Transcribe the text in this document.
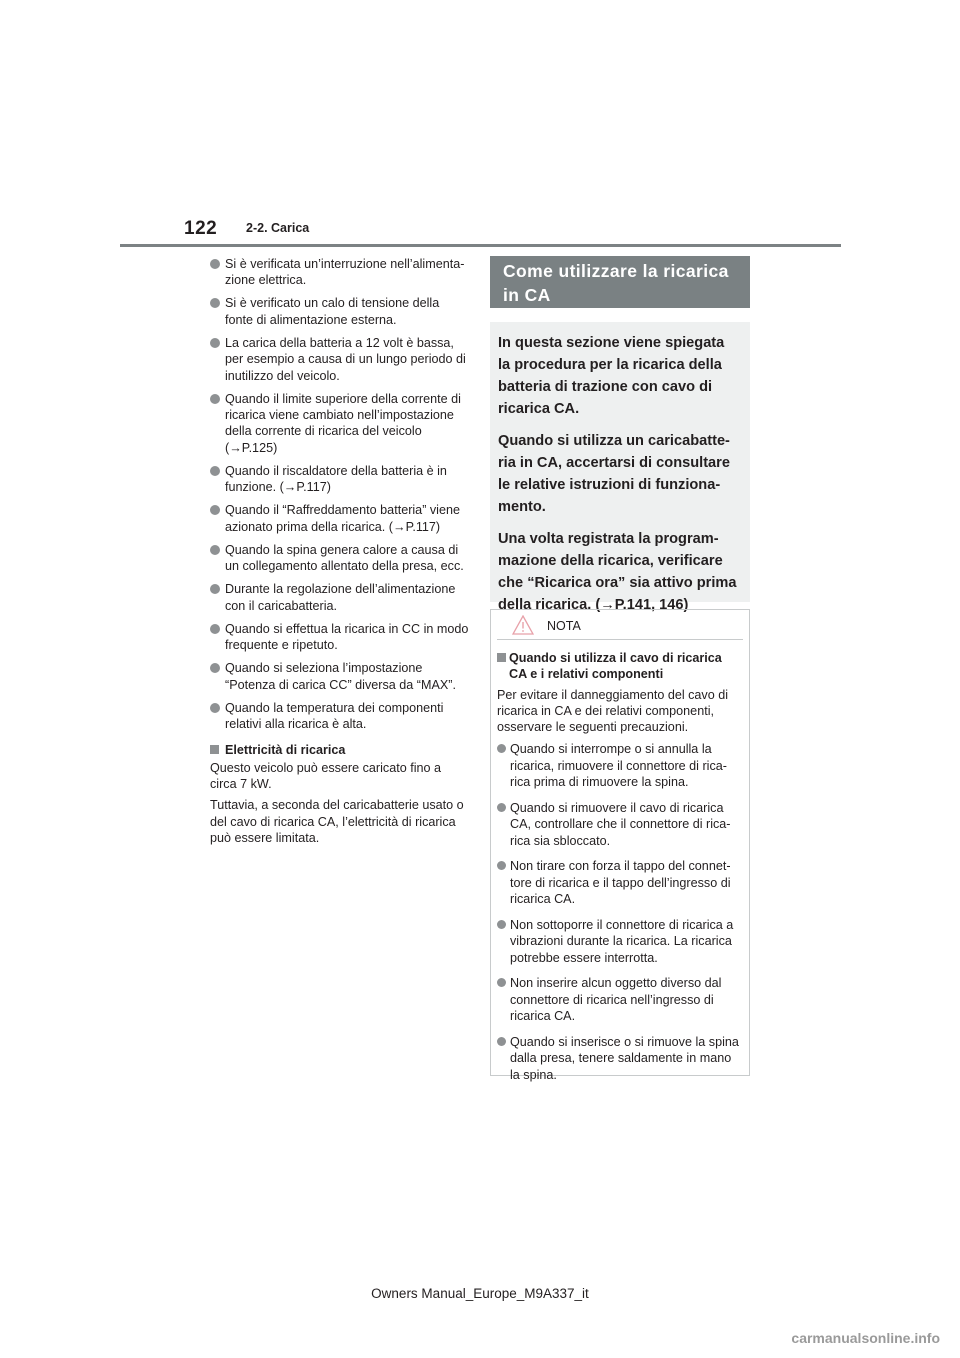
122 2-2. Carica
Si è verificata un’interruzione nell’alimenta-zione elettrica.
Si è verificato un calo di tensione della fonte di alimentazione esterna.
La carica della batteria a 12 volt è bassa, per esempio a causa di un lungo periodo di inutilizzo del veicolo.
Quando il limite superiore della corrente di ricarica viene cambiato nell’impostazione della corrente di ricarica del veicolo (→P.125)
Quando il riscaldatore della batteria è in funzione. (→P.117)
Quando il “Raffreddamento batteria” viene azionato prima della ricarica. (→P.117)
Quando la spina genera calore a causa di un collegamento allentato della presa, ecc.
Durante la regolazione dell’alimentazione con il caricabatteria.
Quando si effettua la ricarica in CC in modo frequente e ripetuto.
Quando si seleziona l’impostazione “Potenza di carica CC” diversa da “MAX”.
Quando la temperatura dei componenti relativi alla ricarica è alta.
Elettricità di ricarica
Questo veicolo può essere caricato fino a circa 7 kW.
Tuttavia, a seconda del caricabatterie usato o del cavo di ricarica CA, l’elettricità di ricarica può essere limitata.
Come utilizzare la ricarica in CA
In questa sezione viene spiegata la procedura per la ricarica della batteria di trazione con cavo di ricarica CA.
Quando si utilizza un caricabatte-ria in CA, accertarsi di consultare le relative istruzioni di funziona-mento.
Una volta registrata la program-mazione della ricarica, verificare che “Ricarica ora” sia attivo prima della ricarica. (→P.141, 146)
NOTA
Quando si utilizza il cavo di ricarica CA e i relativi componenti
Per evitare il danneggiamento del cavo di ricarica in CA e dei relativi componenti, osservare le seguenti precauzioni.
Quando si interrompe o si annulla la ricarica, rimuovere il connettore di rica-rica prima di rimuovere la spina.
Quando si rimuovere il cavo di ricarica CA, controllare che il connettore di rica-rica sia sbloccato.
Non tirare con forza il tappo del connet-tore di ricarica e il tappo dell’ingresso di ricarica CA.
Non sottoporre il connettore di ricarica a vibrazioni durante la ricarica. La ricarica potrebbe essere interrotta.
Non inserire alcun oggetto diverso dal connettore di ricarica nell’ingresso di ricarica CA.
Quando si inserisce o si rimuove la spina dalla presa, tenere saldamente in mano la spina.
Owners Manual_Europe_M9A337_it
carmanualsonline.info
